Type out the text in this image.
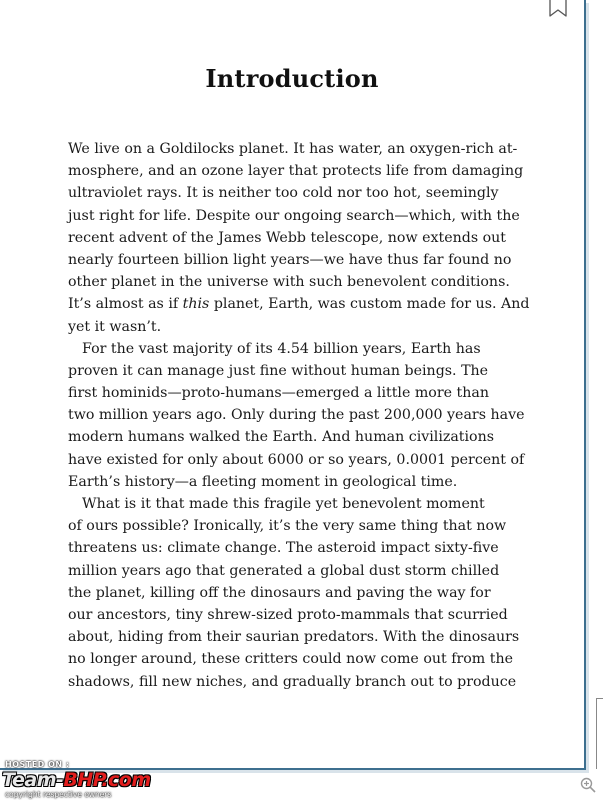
Introduction
We live on a Goldilocks planet. It has water, an oxygen-rich at-
mosphere, and an ozone layer that protects life from damaging
ultraviolet rays. It is neither too cold nor too hot, seemingly
just right for life. Despite our ongoing search—which, with the
recent advent of the James Webb telescope, now extends out
nearly fourteen billion light years—we have thus far found no
other planet in the universe with such benevolent conditions.
It’s almost as if this planet, Earth, was custom made for us. And
yet it wasn’t.
For the vast majority of its 4.54 billion years, Earth has
proven it can manage just fine without human beings. The
first hominids—proto-humans—emerged a little more than
two million years ago. Only during the past 200,000 years have
modern humans walked the Earth. And human civilizations
have existed for only about 6000 or so years, 0.0001 percent of
Earth’s history—a fleeting moment in geological time.
What is it that made this fragile yet benevolent moment
of ours possible? Ironically, it’s the very same thing that now
threatens us: climate change. The asteroid impact sixty-five
million years ago that generated a global dust storm chilled
the planet, killing off the dinosaurs and paving the way for
our ancestors, tiny shrew-sized proto-mammals that scurried
about, hiding from their saurian predators. With the dinosaurs
no longer around, these critters could now come out from the
shadows, fill new niches, and gradually branch out to produce
HOSTED ON :
Team-BHP.com
copyright respective owners
